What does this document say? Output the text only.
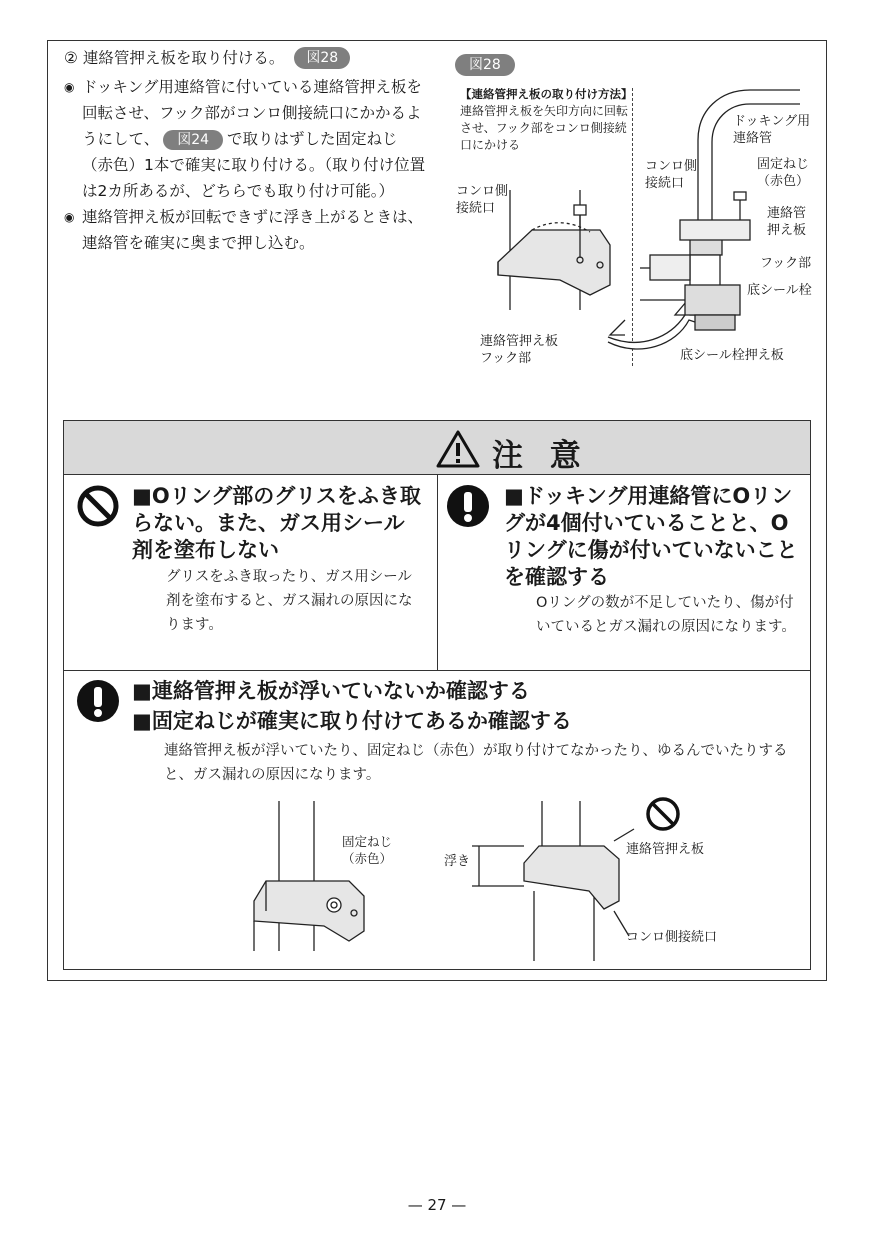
② 連絡管押え板を取り付ける。 図28
◉ ドッキング用連絡管に付いている連絡管押え板を回転させ、フック部がコンロ側接続口にかかるようにして、 図24 で取りはずした固定ねじ（赤色）1本で確実に取り付ける。（取り付け位置は2カ所あるが、どちらでも取り付け可能。）
◉ 連絡管押え板が回転できずに浮き上がるときは、連絡管を確実に奥まで押し込む。
図28
【連絡管押え板の取り付け方法】
連絡管押え板を矢印方向に回転させ、フック部をコンロ側接続口にかける
コンロ側
接続口
連絡管押え板
フック部
ドッキング用
連絡管
コンロ側
接続口
固定ねじ
（赤色）
連絡管
押え板
フック部
底シール栓
底シール栓押え板
注 意
■Oリング部のグリスをふき取らない。また、ガス用シール剤を塗布しない
グリスをふき取ったり、ガス用シール剤を塗布すると、ガス漏れの原因になります。
■ドッキング用連絡管にOリングが4個付いていることと、Oリングに傷が付いていないことを確認する
Oリングの数が不足していたり、傷が付いているとガス漏れの原因になります。
■連絡管押え板が浮いていないか確認する
■固定ねじが確実に取り付けてあるか確認する
連絡管押え板が浮いていたり、固定ねじ（赤色）が取り付けてなかったり、ゆるんでいたりすると、ガス漏れの原因になります。
固定ねじ
（赤色）	浮き
連絡管押え板
コンロ側接続口
— 27 —
